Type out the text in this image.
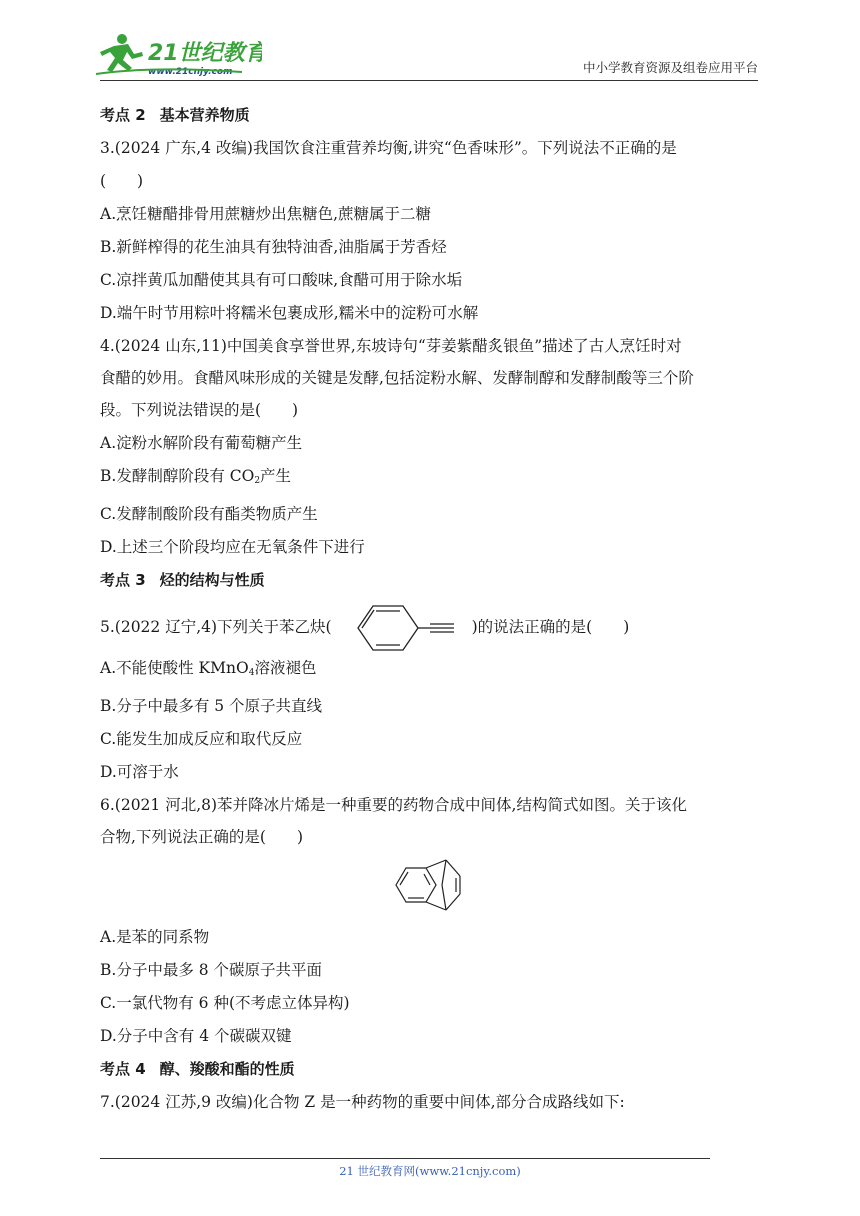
21世纪教育
www.21cnjy.com	中小学教育资源及组卷应用平台

考点 2 基本营养物质

3.(2024 广东,4 改编)我国饮食注重营养均衡,讲究“色香味形”。下列说法不正确的是

(　　)

A.烹饪糖醋排骨用蔗糖炒出焦糖色,蔗糖属于二糖

B.新鲜榨得的花生油具有独特油香,油脂属于芳香烃

C.凉拌黄瓜加醋使其具有可口酸味,食醋可用于除水垢

D.端午时节用粽叶将糯米包裹成形,糯米中的淀粉可水解

4.(2024 山东,11)中国美食享誉世界,东坡诗句“芽姜紫醋炙银鱼”描述了古人烹饪时对

食醋的妙用。食醋风味形成的关键是发酵,包括淀粉水解、发酵制醇和发酵制酸等三个阶

段。下列说法错误的是(　　)

A.淀粉水解阶段有葡萄糖产生

B.发酵制醇阶段有 $CO_2$产生

C.发酵制酸阶段有酯类物质产生

D.上述三个阶段均应在无氧条件下进行

考点 3 烃的结构与性质

5.(2022 辽宁,4)下列关于苯乙炔(	)的说法正确的是(　　)

A.不能使酸性 KMnO$_4$溶液褪色

B.分子中最多有 5 个原子共直线

C.能发生加成反应和取代反应

D.可溶于水

6.(2021 河北,8)苯并降冰片烯是一种重要的药物合成中间体,结构简式如图。关于该化

合物,下列说法正确的是(　　)

A.是苯的同系物

B.分子中最多 8 个碳原子共平面

C.一氯代物有 6 种(不考虑立体异构)

D.分子中含有 4 个碳碳双键

考点 4 醇、羧酸和酯的性质

7.(2024 江苏,9 改编)化合物 Z 是一种药物的重要中间体,部分合成路线如下:

21 世纪教育网(www.21cnjy.com)
